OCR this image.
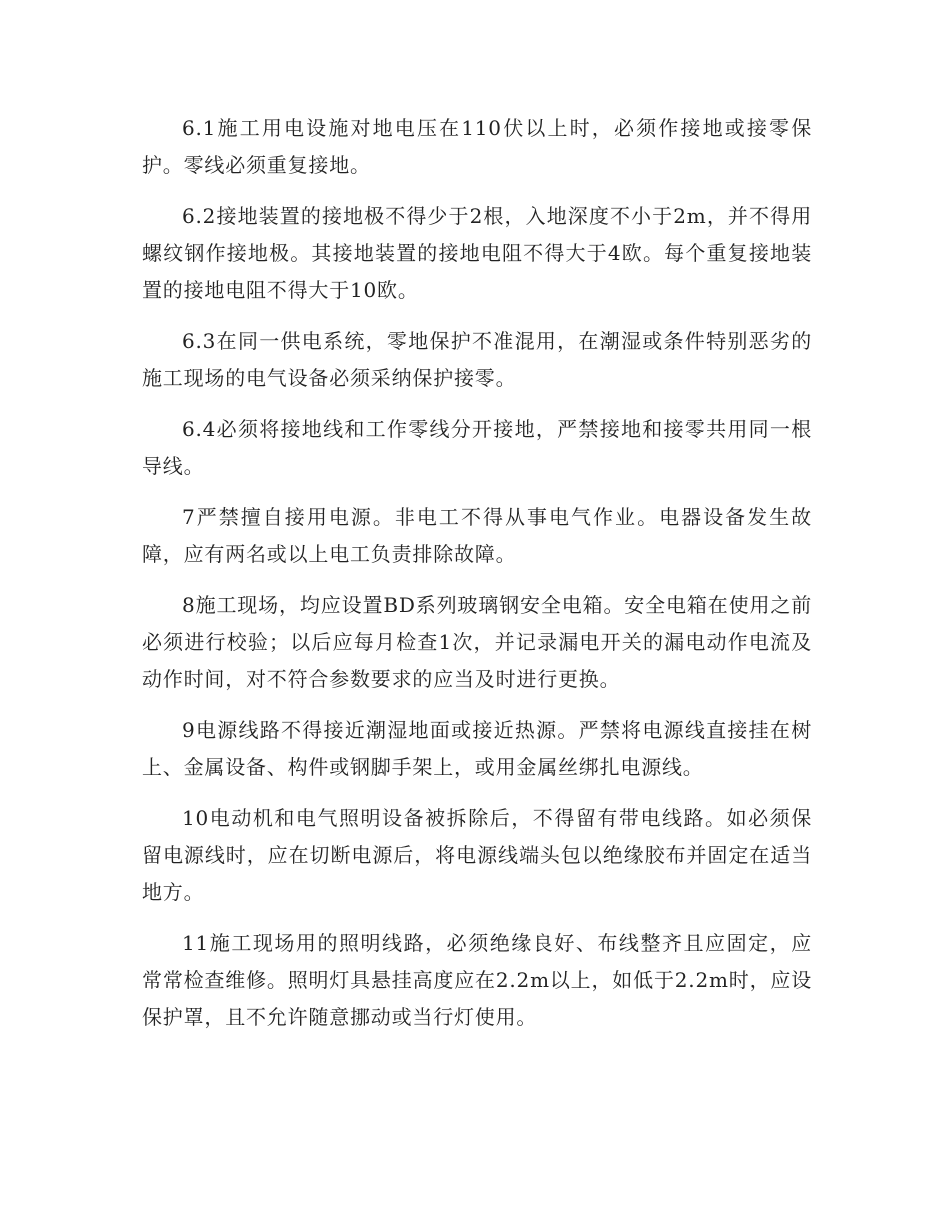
6.1施工用电设施对地电压在110伏以上时，必须作接地或接零保护。零线必须重复接地。

6.2接地装置的接地极不得少于2根，入地深度不小于2m，并不得用螺纹钢作接地极。其接地装置的接地电阻不得大于4欧。每个重复接地装置的接地电阻不得大于10欧。

6.3在同一供电系统，零地保护不准混用，在潮湿或条件特别恶劣的施工现场的电气设备必须采纳保护接零。

6.4必须将接地线和工作零线分开接地，严禁接地和接零共用同一根导线。

7严禁擅自接用电源。非电工不得从事电气作业。电器设备发生故障，应有两名或以上电工负责排除故障。

8施工现场，均应设置BD系列玻璃钢安全电箱。安全电箱在使用之前必须进行校验；以后应每月检查1次，并记录漏电开关的漏电动作电流及动作时间，对不符合参数要求的应当及时进行更换。

9电源线路不得接近潮湿地面或接近热源。严禁将电源线直接挂在树上、金属设备、构件或钢脚手架上，或用金属丝绑扎电源线。

10电动机和电气照明设备被拆除后，不得留有带电线路。如必须保留电源线时，应在切断电源后，将电源线端头包以绝缘胶布并固定在适当地方。

11施工现场用的照明线路，必须绝缘良好、布线整齐且应固定，应常常检查维修。照明灯具悬挂高度应在2.2m以上，如低于2.2m时，应设保护罩，且不允许随意挪动或当行灯使用。
